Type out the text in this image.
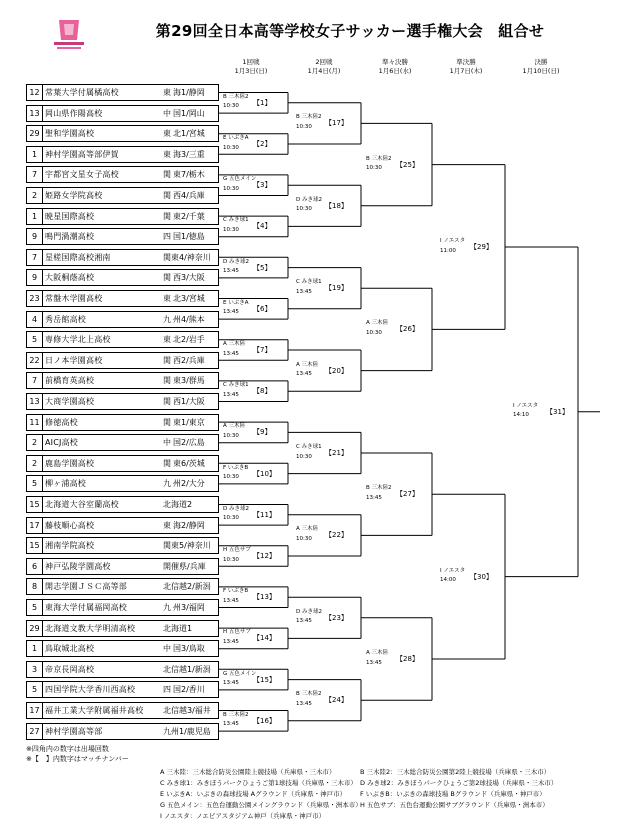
第29回全日本高等学校女子サッカー選手権大会　組合せ
1回戦
1月3日(日)
2回戦
1月4日(月)
準々決勝
1月6日(水)
準決勝
1月7日(木)
決勝
1月10日(日)
12 常葉大学付属橘高校	東 海1/静岡
13 岡山県作陽高校	中 国1/岡山
29 聖和学園高校	東 北1/宮城
1 神村学園高等部伊賀	東 海3/三重
7 宇都宮文星女子高校	関 東7/栃木
2 姫路女学院高校	関 西4/兵庫
1 暁星国際高校	関 東2/千葉
9 鳴門渦潮高校	四 国1/徳島
7 星槎国際高校湘南	関 東4/神奈川
9 大阪桐蔭高校	関 西3/大阪
23 常盤木学園高校	東 北3/宮城
4 秀岳館高校	九 州4/熊本
5 専修大学北上高校	東 北2/岩手
22 日ノ本学園高校	関 西2/兵庫
7 前橋育英高校	関 東3/群馬
13 大商学園高校	関 西1/大阪
11 修徳高校	関 東1/東京
2 AICJ高校	中 国2/広島
2 鹿島学園高校	関 東6/茨城
5 柳ヶ浦高校	九 州2/大分
15 北海道大谷室蘭高校	北海道2
17 藤枝順心高校	東 海2/静岡
15 湘南学院高校	関 東5/神奈川
6 神戸弘陵学園高校	開催県/兵庫
8 開志学園ＪＳＣ高等部	北信越2/新潟
5 東海大学付属福岡高校	九 州3/福岡
29 北海道文教大学明清高校	北海道1
1 鳥取城北高校	中 国3/鳥取
3 帝京長岡高校	北信越1/新潟
5 四国学院大学香川西高校	四 国2/香川
17 福井工業大学附属福井高校 北信越3/福井
27 神村学園高等部	九 州1/鹿児島
B 三木陸2
10:30	【1】
E いぶきA
10:30	【2】
G 五色メイン
10:30	【3】
C みき球1
10:30	【4】
D みき球2
13:45	【5】
E いぶきA
13:45	【6】
A 三木陸
13:45	【7】
C みき球1
13:45	【8】
A 三木陸
10:30	【9】
F いぶきB
10:30	【10】
D みき球2
10:30	【11】
H 五色サブ
10:30	【12】
F いぶきB
13:45	【13】
H 五色サブ
13:45	【14】
G 五色メイン
13:45	【15】
B 三木陸2
13:45	【16】
B 三木陸2
10:30	【17】
D みき球2
10:30	【18】
C みき球1
13:45	【19】
A 三木陸
13:45	【20】
C みき球1
10:30	【21】
A 三木陸
10:30	【22】
D みき球2
13:45	【23】
B 三木陸2
13:45	【24】
B 三木陸2
10:30	【25】
A 三木陸
10:30	【26】
B 三木陸2
13:45	【27】
A 三木陸
13:45	【28】
I ノエスタ
11:00	【29】
I ノエスタ
14:00	【30】
I ノエスタ
14:10	【31】
※四角内の数字は出場回数
※【　】内数字はマッチナンバー
A 三木陸：三木総合防災公園陸上競技場（兵庫県・三木市）	B 三木陸2：三木総合防災公園第2陸上競技場（兵庫県・三木市）
C みき球1：みきぼうパークひょうご第1球技場（兵庫県・三木市） D みき球2：みきぼうパークひょうご第2球技場（兵庫県・三木市）
E いぶきA：いぶきの森球技場 Aグラウンド（兵庫県・神戸市） F いぶきB：いぶきの森球技場 Bグラウンド（兵庫県・神戸市）
G 五色メイン：五色台運動公園メイングラウンド（兵庫県・洲本市）
H 五色サブ：五色台運動公園サブグラウンド（兵庫県・洲本市）
I ノエスタ：ノエビアスタジアム神戸（兵庫県・神戸市）
